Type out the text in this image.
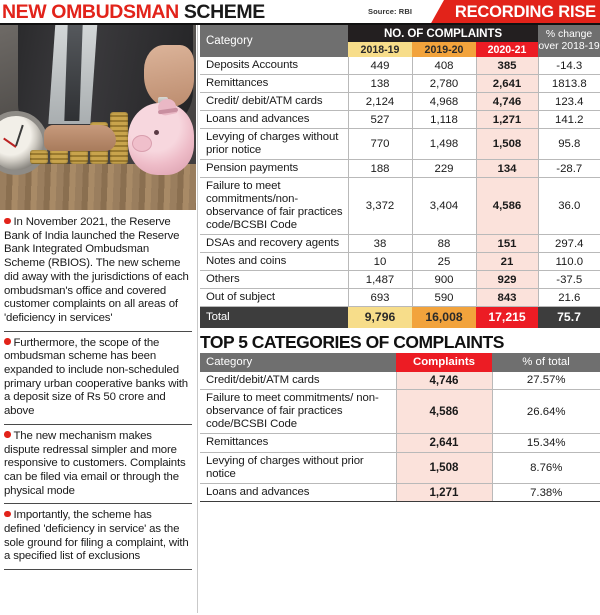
NEW OMBUDSMAN SCHEME	Source: RBI	RECORDING RISE
In November 2021, the Reserve Bank of India launched the Reserve Bank Integrated Ombudsman Scheme (RBIOS). The new scheme did away with the jurisdictions of each ombudsman's office and covered customer complaints on all areas of 'deficiency in services'
Furthermore, the scope of the ombudsman scheme has been expanded to include non-scheduled primary urban cooperative banks with a deposit size of Rs 50 crore and above
The new mechanism makes dispute redressal simpler and more responsive to customers. Complaints can be filed via email or through the physical mode
Importantly, the scheme has defined 'deficiency in service' as the sole ground for filing a complaint, with a specified list of exclusions
Category	NO. OF COMPLAINTS			% change over 2018-19
	2018-19	2019-20	2020-21	
Deposits Accounts	449	408	385	-14.3
Remittances	138	2,780	2,641	1813.8
Credit/ debit/ATM cards	2,124	4,968	4,746	123.4
Loans and advances	527	1,118	1,271	141.2
Levying of charges without prior notice	770	1,498	1,508	95.8
Pension payments	188	229	134	-28.7
Failure to meet commitments/non-observance of fair practices code/BCSBI Code	3,372	3,404	4,586	36.0
DSAs and recovery agents	38	88	151	297.4
Notes and coins	10	25	21	110.0
Others	1,487	900	929	-37.5
Out of subject	693	590	843	21.6
Total	9,796	16,008	17,215	75.7
TOP 5 CATEGORIES OF COMPLAINTS
Category	Complaints	% of total
Credit/debit/ATM cards	4,746	27.57%
Failure to meet commitments/ non-observance of fair practices code/BCSBI Code	4,586	26.64%
Remittances	2,641	15.34%
Levying of charges without prior notice	1,508	8.76%
Loans and advances	1,271	7.38%
